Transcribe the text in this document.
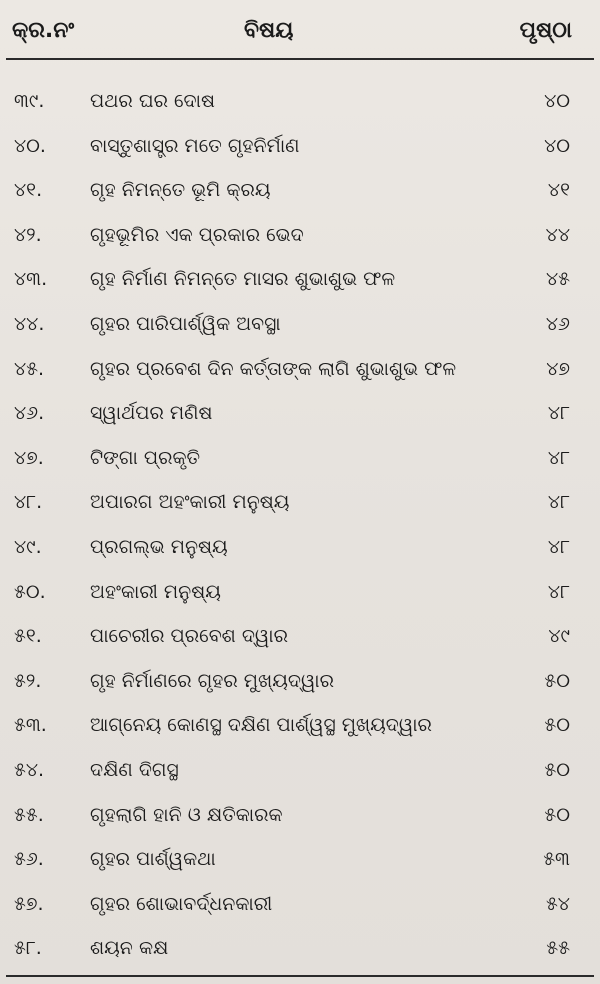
କ୍ର.ନଂ	ବିଷୟ	ପୃଷ୍ଠା
୩୯. ପଥର ଘର ଦୋଷ	୪୦
୪୦. ବାସ୍ତୁଶାସ୍ତ୍ର ମତେ ଗୃହନିର୍ମାଣ	୪୦
୪୧.	ଗୃହ ନିମନ୍ତେ ଭୂମି କ୍ରୟ	୪୧
୪୨.	ଗୃହଭୂମିର ଏକ ପ୍ରକାର ଭେଦ	୪୪
୪୩. ଗୃହ ନିର୍ମାଣ ନିମନ୍ତେ ମାସର ଶୁଭାଶୁଭ ଫଳ	୪୫
୪୪. ଗୃହର ପାରିପାର୍ଶ୍ୱିକ ଅବସ୍ଥା	୪୬
୪୫. ଗୃହର ପ୍ରବେଶ ଦିନ କର୍ତ୍ତାଙ୍କ ଲାଗି ଶୁଭାଶୁଭ ଫଳ	୪୭
୪୬. ସ୍ୱାର୍ଥପର ମଣିଷ	୪୮
୪୭. ଟିଙ୍ଗା ପ୍ରକୃତି	୪୮
୪୮.	ଅପାରଗ ଅହଂକାରୀ ମନୁଷ୍ୟ	୪୮
୪୯.	ପ୍ରଗଲ୍ଭ ମନୁଷ୍ୟ	୪୮
୫୦. ଅହଂକାରୀ ମନୁଷ୍ୟ	୪୮
୫୧.	ପାଚେରୀର ପ୍ରବେଶ ଦ୍ୱାର	୪୯
୫୨.	ଗୃହ ନିର୍ମାଣରେ ଗୃହର ମୁଖ୍ୟଦ୍ୱାର	୫୦
୫୩. ଆଗ୍ନେୟ କୋଣସ୍ଥ ଦକ୍ଷିଣ ପାର୍ଶ୍ୱସ୍ଥ ମୁଖ୍ୟଦ୍ୱାର	୫୦
୫୪. ଦକ୍ଷିଣ ଦିଗସ୍ଥ	୫୦
୫୫. ଗୃହଲାଗି ହାନି ଓ କ୍ଷତିକାରକ	୫୦
୫୬. ଗୃହର ପାର୍ଶ୍ୱକଥା	୫୩
୫୭. ଗୃହର ଶୋଭାବର୍ଦ୍ଧନକାରୀ	୫୪
୫୮.	ଶୟନ କକ୍ଷ	୫୫
